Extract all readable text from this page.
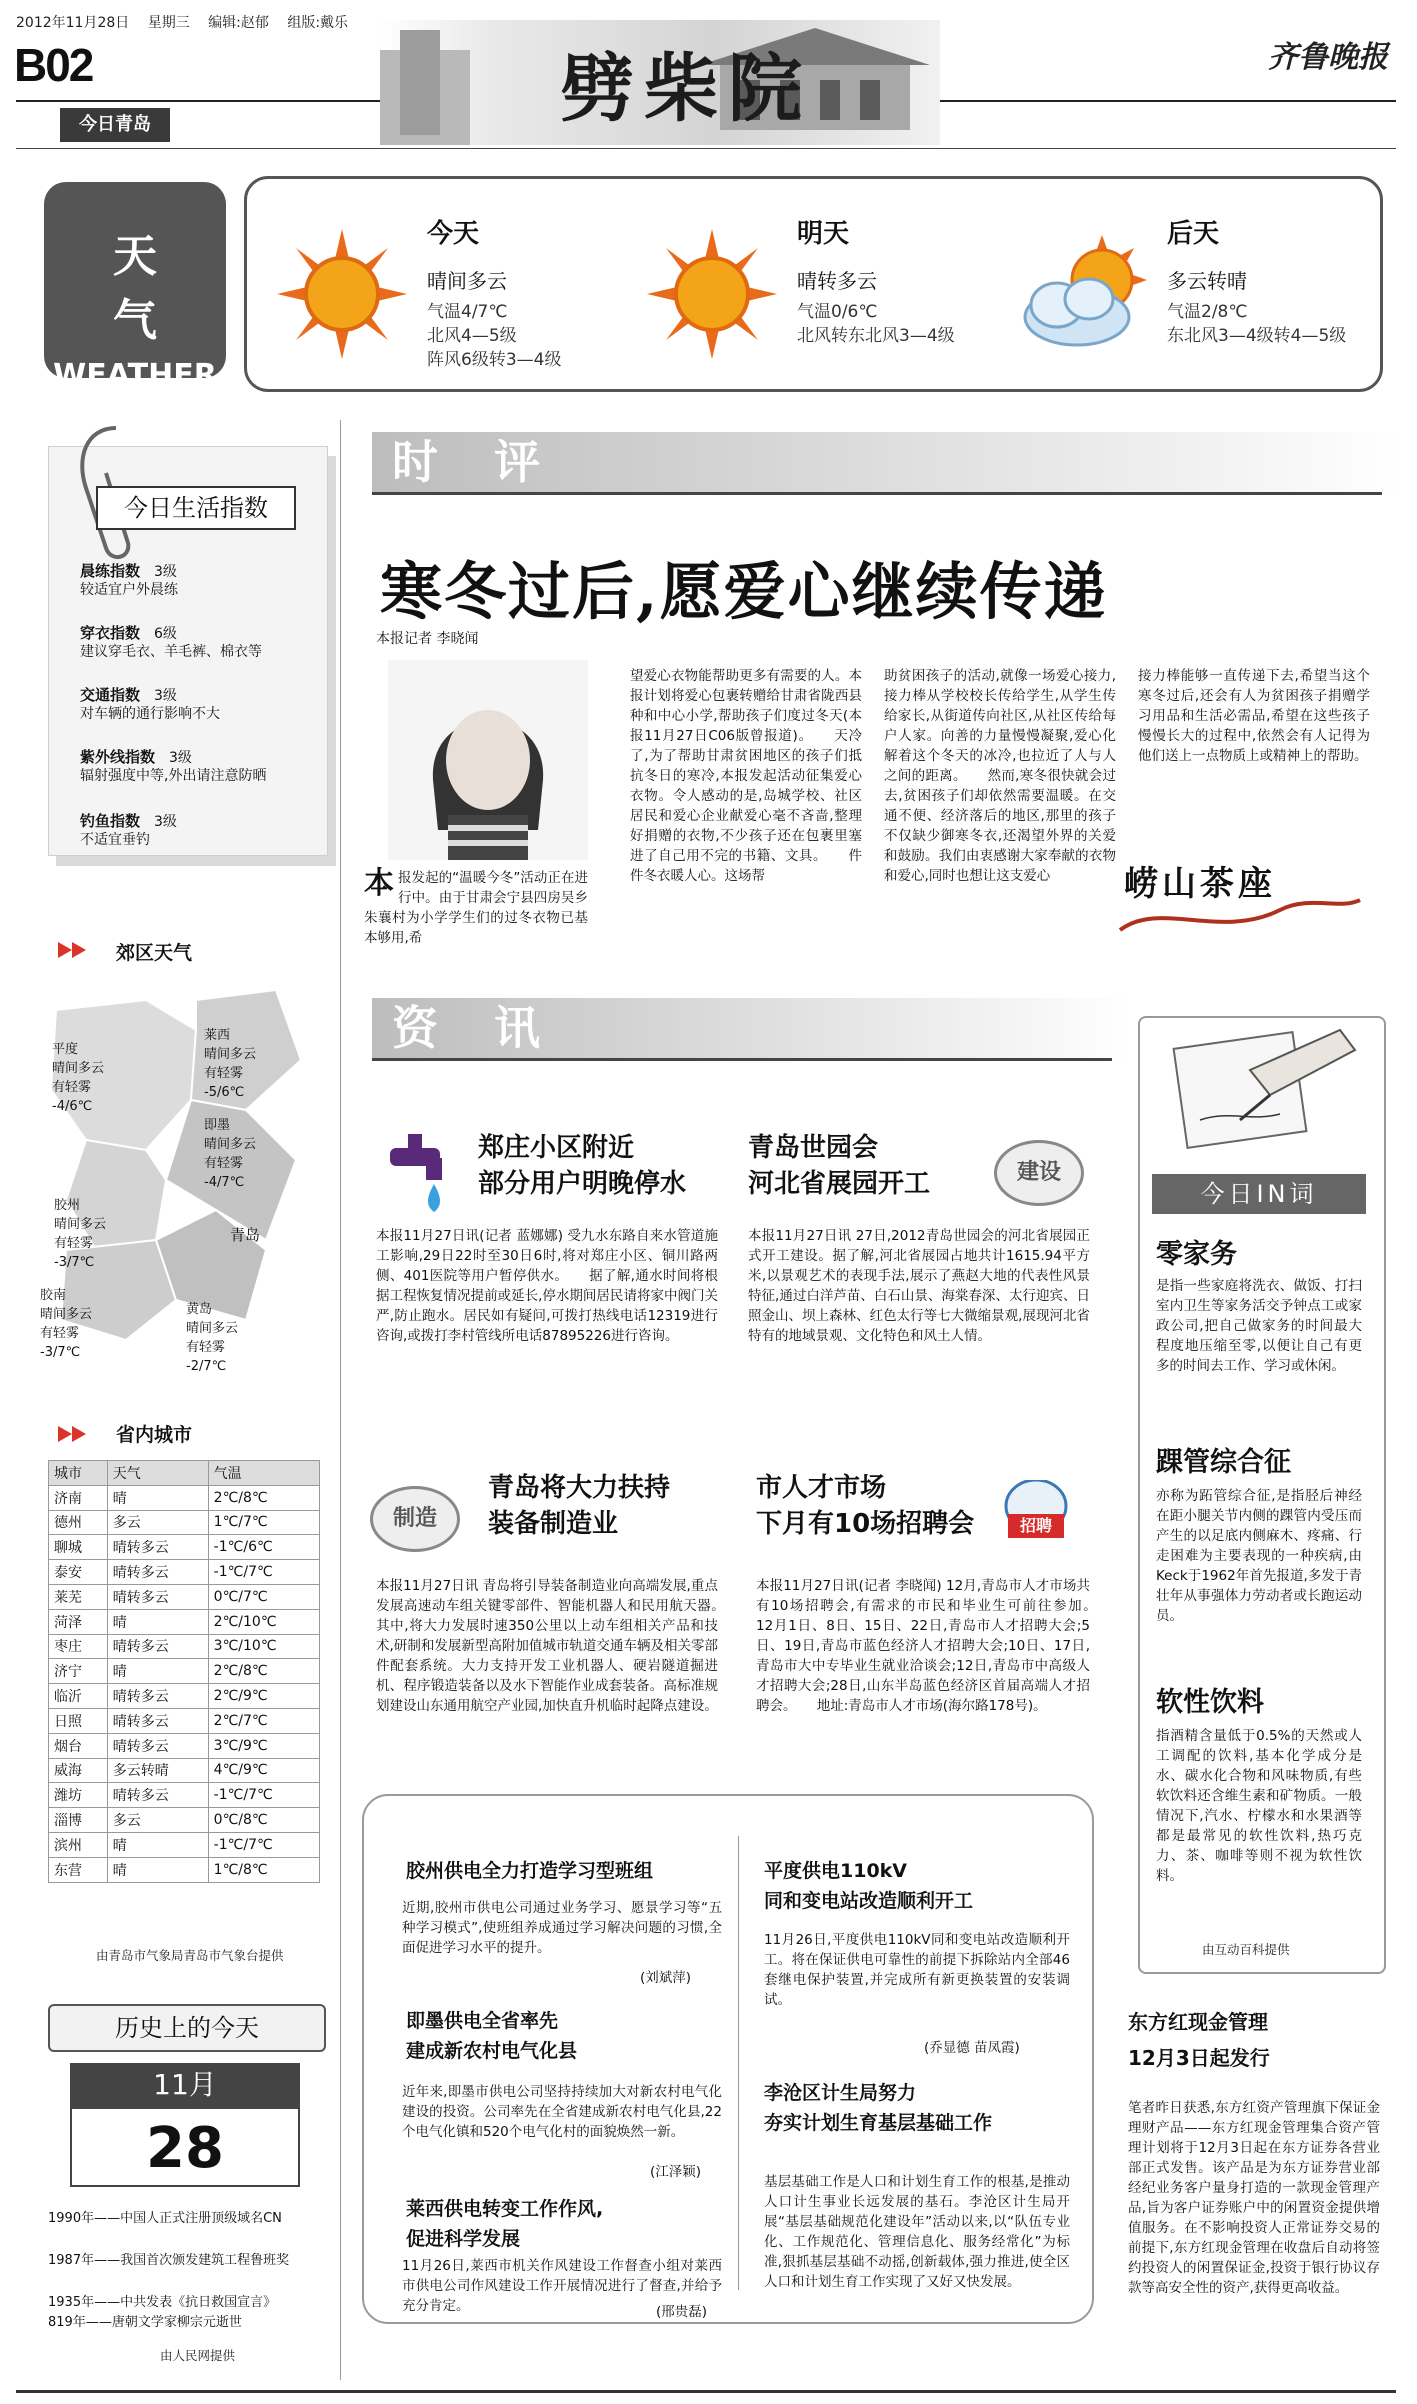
2012年11月28日 星期三 编辑:赵郁 组版:戴乐
B02
今日青岛	劈柴院	齐鲁晚报
天 气
WEATHER
今天
晴间多云
气温4/7℃
北风4—5级
阵风6级转3—4级
明天
晴转多云
气温0/6℃
北风转东北风3—4级
后天
多云转晴
气温2/8℃
东北风3—4级转4—5级
今日生活指数
晨练指数　 3级
较适宜户外晨练
穿衣指数　 6级
建议穿毛衣、羊毛裤、棉衣等
交通指数　 3级
对车辆的通行影响不大
紫外线指数　 3级
辐射强度中等,外出请注意防晒
钓鱼指数　 3级
不适宜垂钓
郊区天气
平度
晴间多云
有轻雾
-4/6℃
莱西
晴间多云
有轻雾
-5/6℃
即墨
晴间多云
有轻雾
-4/7℃
青岛
胶州
晴间多云
有轻雾
-3/7℃
胶南
晴间多云
有轻雾
-3/7℃
黄岛
晴间多云
有轻雾
-2/7℃
省内城市
城市	天气	气温
济南	晴	2℃/8℃
德州	多云	1℃/7℃
聊城	晴转多云	-1℃/6℃
泰安	晴转多云	-1℃/7℃
莱芜	晴转多云	0℃/7℃
菏泽	晴	2℃/10℃
枣庄	晴转多云	3℃/10℃
济宁	晴	2℃/8℃
临沂	晴转多云	2℃/9℃
日照	晴转多云	2℃/7℃
烟台	晴转多云	3℃/9℃
威海	多云转晴	4℃/9℃
潍坊	晴转多云	-1℃/7℃
淄博	多云	0℃/8℃
滨州	晴	-1℃/7℃
东营	晴	1℃/8℃
由青岛市气象局青岛市气象台提供
历史上的今天
11月
28
1990年——中国人正式注册顶级域名CN
1987年——我国首次颁发建筑工程鲁班奖
1935年——中共发表《抗日救国宣言》
819年——唐朝文学家柳宗元逝世
由人民网提供
时 评
寒冬过后,愿爱心继续传递
本报记者 李晓闻
本报发起的“温暖今冬”活动正在进行中。由于甘肃会宁县四房吴乡朱襄村为小学学生们的过冬衣物已基本够用,希
望爱心衣物能帮助更多有需要的人。本报计划将爱心包裹转赠给甘肃省陇西县种和中心小学,帮助孩子们度过冬天(本报11月27日C06版曾报道)。　　天冷了,为了帮助甘肃贫困地区的孩子们抵抗冬日的寒冷,本报发起活动征集爱心衣物。令人感动的是,岛城学校、社区居民和爱心企业献爱心毫不吝啬,整理好捐赠的衣物,不少孩子还在包裹里塞进了自己用不完的书籍、文具。　　件件冬衣暖人心。这场帮
助贫困孩子的活动,就像一场爱心接力,接力棒从学校校长传给学生,从学生传给家长,从街道传向社区,从社区传给每户人家。向善的力量慢慢凝聚,爱心化解着这个冬天的冰冷,也拉近了人与人之间的距离。　　然而,寒冬很快就会过去,贫困孩子们却依然需要温暖。在交通不便、经济落后的地区,那里的孩子不仅缺少御寒冬衣,还渴望外界的关爱和鼓励。我们由衷感谢大家奉献的衣物和爱心,同时也想让这支爱心
接力棒能够一直传递下去,希望当这个寒冬过后,还会有人为贫困孩子捐赠学习用品和生活必需品,希望在这些孩子慢慢长大的过程中,依然会有人记得为他们送上一点物质上或精神上的帮助。
崂山茶座
资 讯
郑庄小区附近
部分用户明晚停水
本报11月27日讯(记者 蓝娜娜) 受九水东路自来水管道施工影响,29日22时至30日6时,将对郑庄小区、铜川路两侧、401医院等用户暂停供水。　　据了解,通水时间将根据工程恢复情况提前或延长,停水期间居民请将家中阀门关严,防止跑水。居民如有疑问,可拨打热线电话12319进行咨询,或拨打李村管线所电话87895226进行咨询。
青岛世园会
河北省展园开工	建设
本报11月27日讯 27日,2012青岛世园会的河北省展园正式开工建设。据了解,河北省展园占地共计1615.94平方米,以景观艺术的表现手法,展示了燕赵大地的代表性风景特征,通过白洋芦苗、白石山景、海棠春深、太行迎宾、日照金山、坝上森林、红色太行等七大微缩景观,展现河北省特有的地域景观、文化特色和风土人情。
制造
青岛将大力扶持
装备制造业
本报11月27日讯 青岛将引导装备制造业向高端发展,重点发展高速动车组关键零部件、智能机器人和民用航天器。　　其中,将大力发展时速350公里以上动车组相关产品和技术,研制和发展新型高附加值城市轨道交通车辆及相关零部件配套系统。大力支持开发工业机器人、硬岩隧道掘进机、程序锻造装备以及水下智能作业成套装备。高标准规划建设山东通用航空产业园,加快直升机临时起降点建设。
市人才市场
下月有10场招聘会	招聘
本报11月27日讯(记者 李晓闻) 12月,青岛市人才市场共有10场招聘会,有需求的市民和毕业生可前往参加。　　12月1日、8日、15日、22日,青岛市人才招聘大会;5日、19日,青岛市蓝色经济人才招聘大会;10日、17日,青岛市大中专毕业生就业洽谈会;12日,青岛市中高级人才招聘大会;28日,山东半岛蓝色经济区首届高端人才招聘会。　　地址:青岛市人才市场(海尔路178号)。
胶州供电全力打造学习型班组
近期,胶州市供电公司通过业务学习、愿景学习等“五种学习模式”,使班组养成通过学习解决问题的习惯,全面促进学习水平的提升。
(刘斌萍)
即墨供电全省率先
建成新农村电气化县
近年来,即墨市供电公司坚持持续加大对新农村电气化建设的投资。公司率先在全省建成新农村电气化县,22个电气化镇和520个电气化村的面貌焕然一新。
(江泽颖)
莱西供电转变工作作风,
促进科学发展
11月26日,莱西市机关作风建设工作督查小组对莱西市供电公司作风建设工作开展情况进行了督查,并给予充分肯定。	(邢贵磊)
平度供电110kV
同和变电站改造顺利开工
11月26日,平度供电110kV同和变电站改造顺利开工。将在保证供电可靠性的前提下拆除站内全部46套继电保护装置,并完成所有新更换装置的安装调试。
(乔显德 苗凤霞)
李沧区计生局努力
夯实计划生育基层基础工作
基层基础工作是人口和计划生育工作的根基,是推动人口计生事业长远发展的基石。李沧区计生局开展“基层基础规范化建设年”活动以来,以“队伍专业化、工作规范化、管理信息化、服务经常化”为标准,狠抓基层基础不动摇,创新载体,强力推进,使全区人口和计划生育工作实现了又好又快发展。
今日IN词
零家务
是指一些家庭将洗衣、做饭、打扫室内卫生等家务活交予钟点工或家政公司,把自己做家务的时间最大程度地压缩至零,以便让自己有更多的时间去工作、学习或休闲。
踝管综合征
亦称为跖管综合征,是指胫后神经在距小腿关节内侧的踝管内受压而产生的以足底内侧麻木、疼痛、行走困难为主要表现的一种疾病,由Keck于1962年首先报道,多发于青壮年从事强体力劳动者或长跑运动员。
软性饮料
指酒精含量低于0.5%的天然或人工调配的饮料,基本化学成分是水、碳水化合物和风味物质,有些软饮料还含维生素和矿物质。一般情况下,汽水、柠檬水和水果酒等都是最常见的软性饮料,热巧克力、茶、咖啡等则不视为软性饮料。
由互动百科提供
东方红现金管理
12月3日起发行
笔者昨日获悉,东方红资产管理旗下保证金理财产品——东方红现金管理集合资产管理计划将于12月3日起在东方证券各营业部正式发售。该产品是为东方证券营业部经纪业务客户量身打造的一款现金管理产品,旨为客户证券账户中的闲置资金提供增值服务。在不影响投资人正常证券交易的前提下,东方红现金管理在收盘后自动将签约投资人的闲置保证金,投资于银行协议存款等高安全性的资产,获得更高收益。
